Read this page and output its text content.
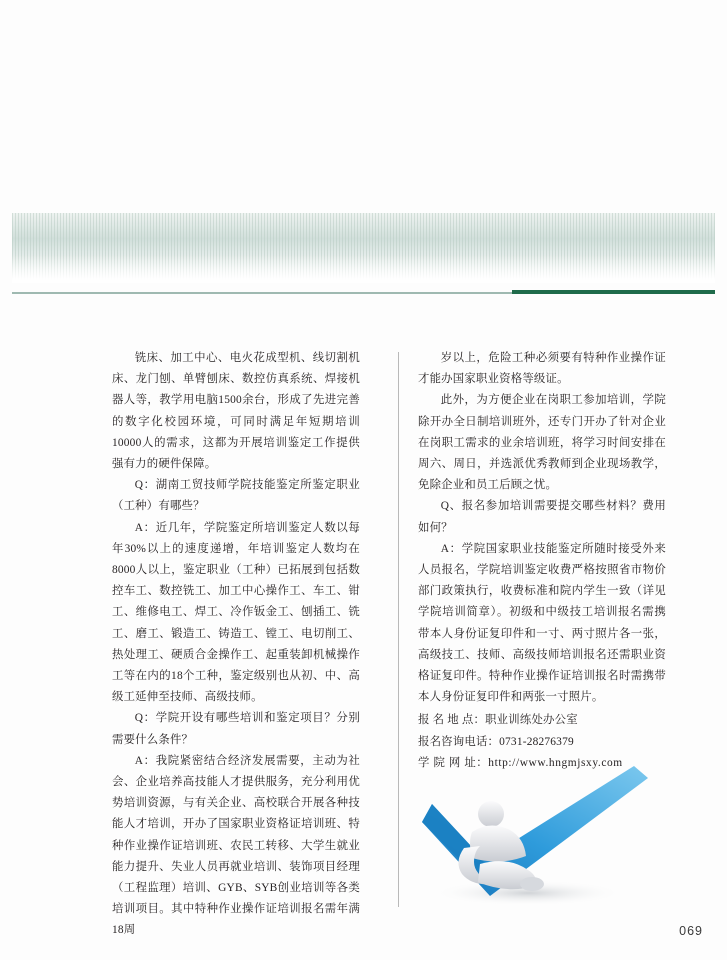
铣床、加工中心、电火花成型机、线切割机床、龙门刨、单臂刨床、数控仿真系统、焊接机器人等，教学用电脑1500余台，形成了先进完善的数字化校园环境，可同时满足年短期培训10000人的需求，这都为开展培训鉴定工作提供强有力的硬件保障。

Q：湖南工贸技师学院技能鉴定所鉴定职业（工种）有哪些？

A：近几年，学院鉴定所培训鉴定人数以每年30%以上的速度递增，年培训鉴定人数均在8000人以上，鉴定职业（工种）已拓展到包括数控车工、数控铣工、加工中心操作工、车工、钳工、维修电工、焊工、冷作钣金工、刨插工、铣工、磨工、锻造工、铸造工、镗工、电切削工、热处理工、硬质合金操作工、起重装卸机械操作工等在内的18个工种，鉴定级别也从初、中、高级工延伸至技师、高级技师。

Q：学院开设有哪些培训和鉴定项目？分别需要什么条件？

A：我院紧密结合经济发展需要，主动为社会、企业培养高技能人才提供服务，充分利用优势培训资源，与有关企业、高校联合开展各种技能人才培训，开办了国家职业资格证培训班、特种作业操作证培训班、农民工转移、大学生就业能力提升、失业人员再就业培训、装饰项目经理（工程监理）培训、GYB、SYB创业培训等各类培训项目。其中特种作业操作证培训报名需年满18周

岁以上，危险工种必须要有特种作业操作证才能办国家职业资格等级证。

此外，为方便企业在岗职工参加培训，学院除开办全日制培训班外，还专门开办了针对企业在岗职工需求的业余培训班，将学习时间安排在周六、周日，并选派优秀教师到企业现场教学，免除企业和员工后顾之忧。

Q、报名参加培训需要提交哪些材料？费用如何？

A：学院国家职业技能鉴定所随时接受外来人员报名，学院培训鉴定收费严格按照省市物价部门政策执行，收费标准和院内学生一致（详见学院培训简章）。初级和中级技工培训报名需携带本人身份证复印件和一寸、两寸照片各一张，高级技工、技师、高级技师培训报名还需职业资格证复印件。特种作业操作证培训报名时需携带本人身份证复印件和两张一寸照片。

报 名 地 点：职业训练处办公室
报名咨询电话：0731-28276379
学 院 网 址：http://www.hngmjsxy.com
069
